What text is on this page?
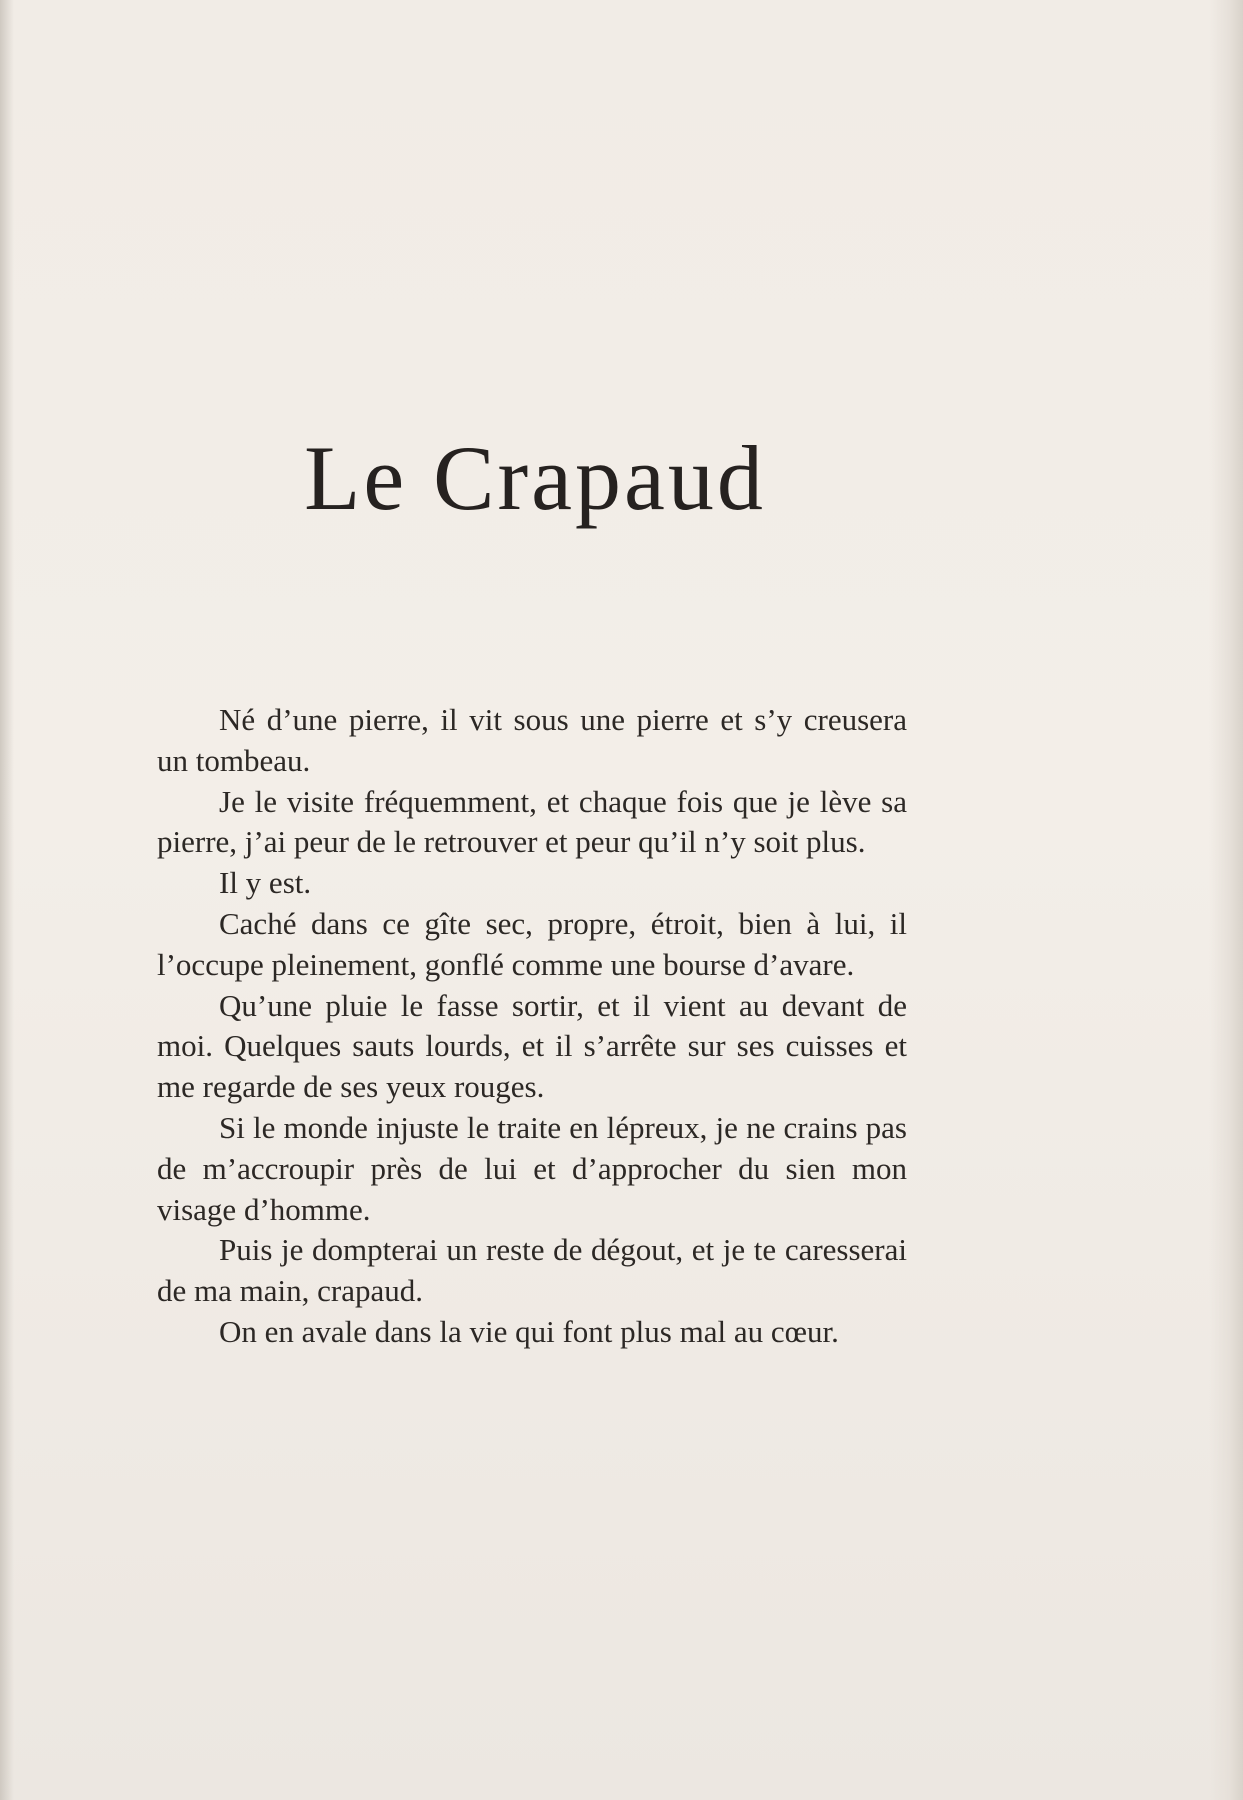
Le Crapaud

Né d’une pierre, il vit sous une pierre et s’y creusera un tombeau.

Je le visite fréquemment, et chaque fois que je lève sa pierre, j’ai peur de le retrouver et peur qu’il n’y soit plus.

Il y est.

Caché dans ce gîte sec, propre, étroit, bien à lui, il l’occupe pleinement, gonflé comme une bourse d’avare.

Qu’une pluie le fasse sortir, et il vient au devant de moi. Quelques sauts lourds, et il s’arrête sur ses cuisses et me regarde de ses yeux rouges.

Si le monde injuste le traite en lépreux, je ne crains pas de m’accroupir près de lui et d’approcher du sien mon visage d’homme.

Puis je dompterai un reste de dégout, et je te caresserai de ma main, crapaud.

On en avale dans la vie qui font plus mal au cœur.
